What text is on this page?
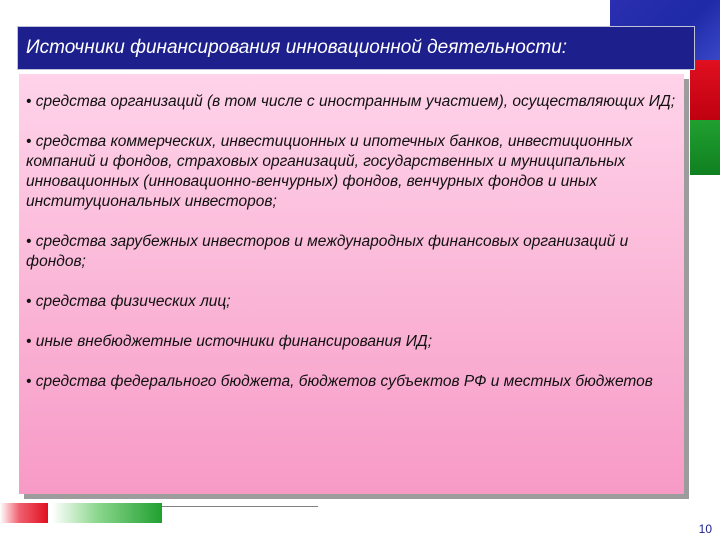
Источники финансирования инновационной деятельности:

• средства организаций (в том числе с иностранным участием), осуществляющих ИД;

• средства коммерческих, инвестиционных и ипотечных банков, инвестиционных компаний и фондов, страховых организаций, государственных и муниципальных инновационных (инновационно-венчурных) фондов, венчурных фондов и иных институциональных инвесторов;

• средства зарубежных инвесторов и международных финансовых организаций и фондов;

• средства физических лиц;

• иные внебюджетные источники финансирования ИД;

• средства федерального бюджета, бюджетов субъектов РФ и местных бюджетов

10
